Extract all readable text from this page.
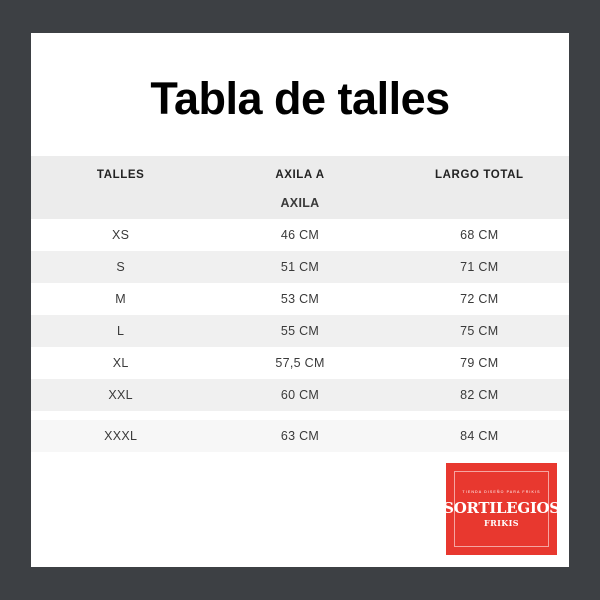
Tabla de talles
TALLES	AXILA A	LARGO TOTAL
	AXILA	
XS	46 CM	68 CM
S	51 CM	71 CM
M	53 CM	72 CM
L	55 CM	75 CM
XL	57,5 CM	79 CM
XXL	60 CM	82 CM

XXXL	63 CM	84 CM
TIENDA DISEÑO PARA FRIKIS
SORTILEGIOS
FRIKIS
